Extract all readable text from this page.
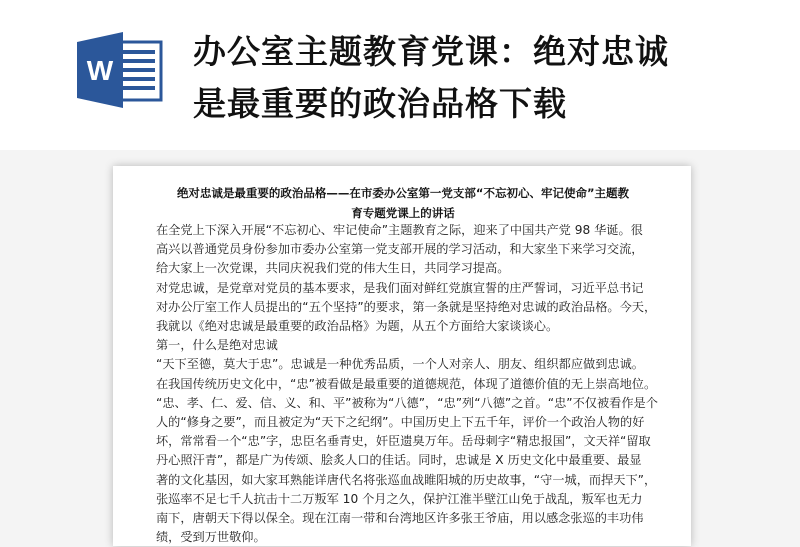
W 办公室主题教育党课：绝对忠诚
是最重要的政治品格下载
绝对忠诚是最重要的政治品格——在市委办公室第一党支部“不忘初心、牢记使命”主题教
育专题党课上的讲话

在全党上下深入开展“不忘初心、牢记使命”主题教育之际，迎来了中国共产党 98 华诞。很

高兴以普通党员身份参加市委办公室第一党支部开展的学习活动，和大家坐下来学习交流，

给大家上一次党课，共同庆祝我们党的伟大生日，共同学习提高。

对党忠诚，是党章对党员的基本要求，是我们面对鲜红党旗宣誓的庄严誓词，习近平总书记

对办公厅室工作人员提出的“五个坚持”的要求，第一条就是坚持绝对忠诚的政治品格。今天，

我就以《绝对忠诚是最重要的政治品格》为题，从五个方面给大家谈谈心。

第一，什么是绝对忠诚

“天下至德，莫大于忠”。忠诚是一种优秀品质，一个人对亲人、朋友、组织都应做到忠诚。

在我国传统历史文化中，“忠”被看做是最重要的道德规范，体现了道德价值的无上崇高地位。

“忠、孝、仁、爱、信、义、和、平”被称为“八德”，“忠”列“八德”之首。“忠”不仅被看作是个

人的“修身之要”，而且被定为“天下之纪纲”。中国历史上下五千年，评价一个政治人物的好

坏，常常看一个“忠”字，忠臣名垂青史，奸臣遗臭万年。岳母刺字“精忠报国”，文天祥“留取

丹心照汗青”，都是广为传颂、脍炙人口的佳话。同时，忠诚是 X 历史文化中最重要、最显

著的文化基因，如大家耳熟能详唐代名将张巡血战睢阳城的历史故事，“守一城，而捍天下”，

张巡率不足七千人抗击十二万叛军 10 个月之久，保护江淮半壁江山免于战乱，叛军也无力

南下，唐朝天下得以保全。现在江南一带和台湾地区许多张王爷庙，用以感念张巡的丰功伟

绩，受到万世敬仰。
